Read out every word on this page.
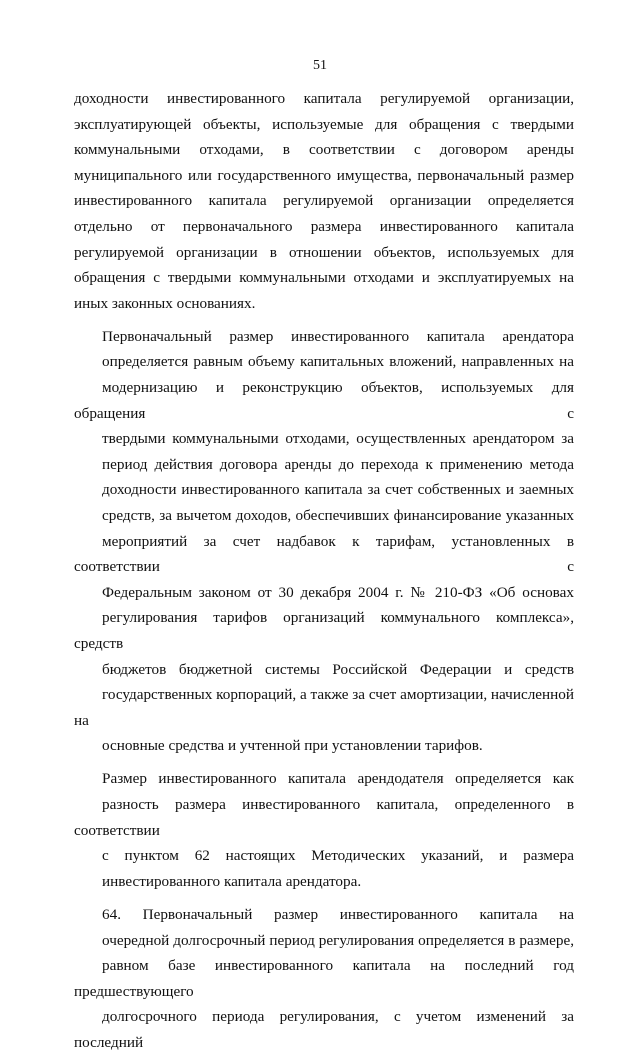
51
доходности инвестированного капитала регулируемой организации,
эксплуатирующей объекты, используемые для обращения с твердыми
коммунальными отходами, в соответствии с договором аренды
муниципального или государственного имущества, первоначальный размер
инвестированного капитала регулируемой организации определяется
отдельно от первоначального размера инвестированного капитала
регулируемой организации в отношении объектов, используемых для
обращения с твердыми коммунальными отходами и эксплуатируемых на
иных законных основаниях.
Первоначальный размер инвестированного капитала арендатора
определяется равным объему капитальных вложений, направленных на
модернизацию и реконструкцию объектов, используемых для обращения с
твердыми коммунальными отходами, осуществленных арендатором за
период действия договора аренды до перехода к применению метода
доходности инвестированного капитала за счет собственных и заемных
средств, за вычетом доходов, обеспечивших финансирование указанных
мероприятий за счет надбавок к тарифам, установленных в соответствии с
Федеральным законом от 30 декабря 2004 г. № 210-ФЗ «Об основах
регулирования тарифов организаций коммунального комплекса», средств
бюджетов бюджетной системы Российской Федерации и средств
государственных корпораций, а также за счет амортизации, начисленной на
основные средства и учтенной при установлении тарифов.
Размер инвестированного капитала арендодателя определяется как
разность размера инвестированного капитала, определенного в соответствии
с пунктом 62 настоящих Методических указаний, и размера
инвестированного капитала арендатора.
64. Первоначальный размер инвестированного капитала на
очередной долгосрочный период регулирования определяется в размере,
равном базе инвестированного капитала на последний год предшествующего
долгосрочного периода регулирования, с учетом изменений за последний
